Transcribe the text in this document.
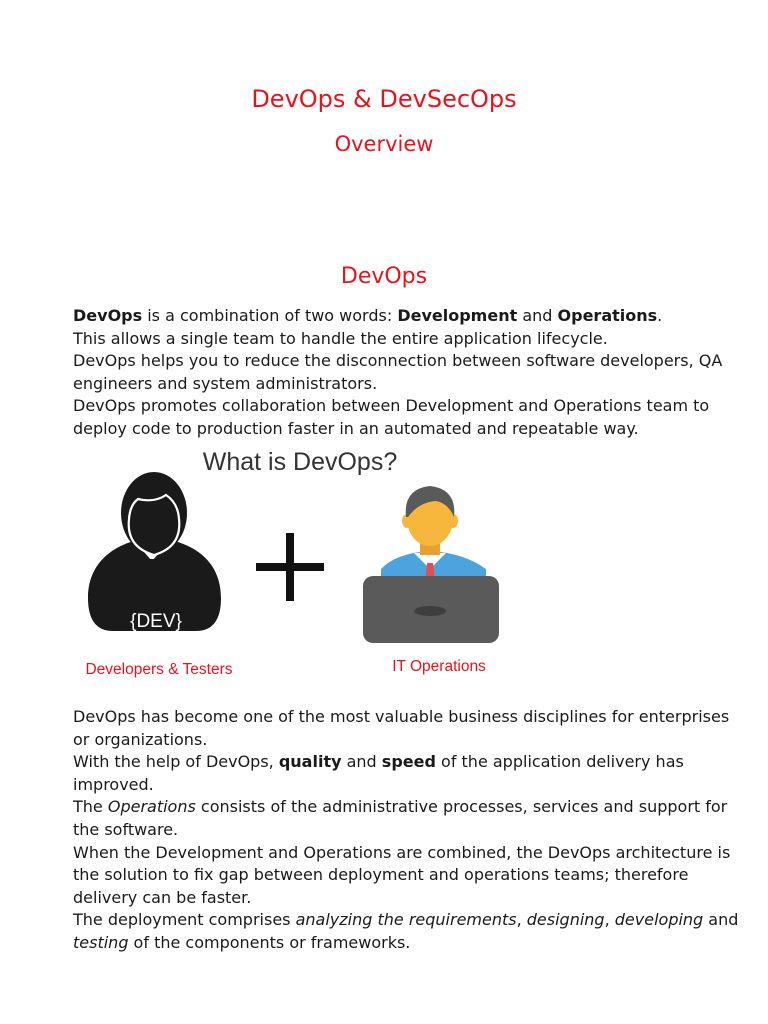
DevOps & DevSecOps
Overview
DevOps
DevOps is a combination of two words: Development and Operations.
This allows a single team to handle the entire application lifecycle.
DevOps helps you to reduce the disconnection between software developers, QA
engineers and system administrators.
DevOps promotes collaboration between Development and Operations team to
deploy code to production faster in an automated and repeatable way.
What is DevOps?
{DEV}
Developers & Testers	IT Operations
DevOps has become one of the most valuable business disciplines for enterprises
or organizations.
With the help of DevOps, quality and speed of the application delivery has
improved.
The Operations consists of the administrative processes, services and support for
the software.
When the Development and Operations are combined, the DevOps architecture is
the solution to fix gap between deployment and operations teams; therefore
delivery can be faster.
The deployment comprises analyzing the requirements, designing, developing and
testing of the components or frameworks.
